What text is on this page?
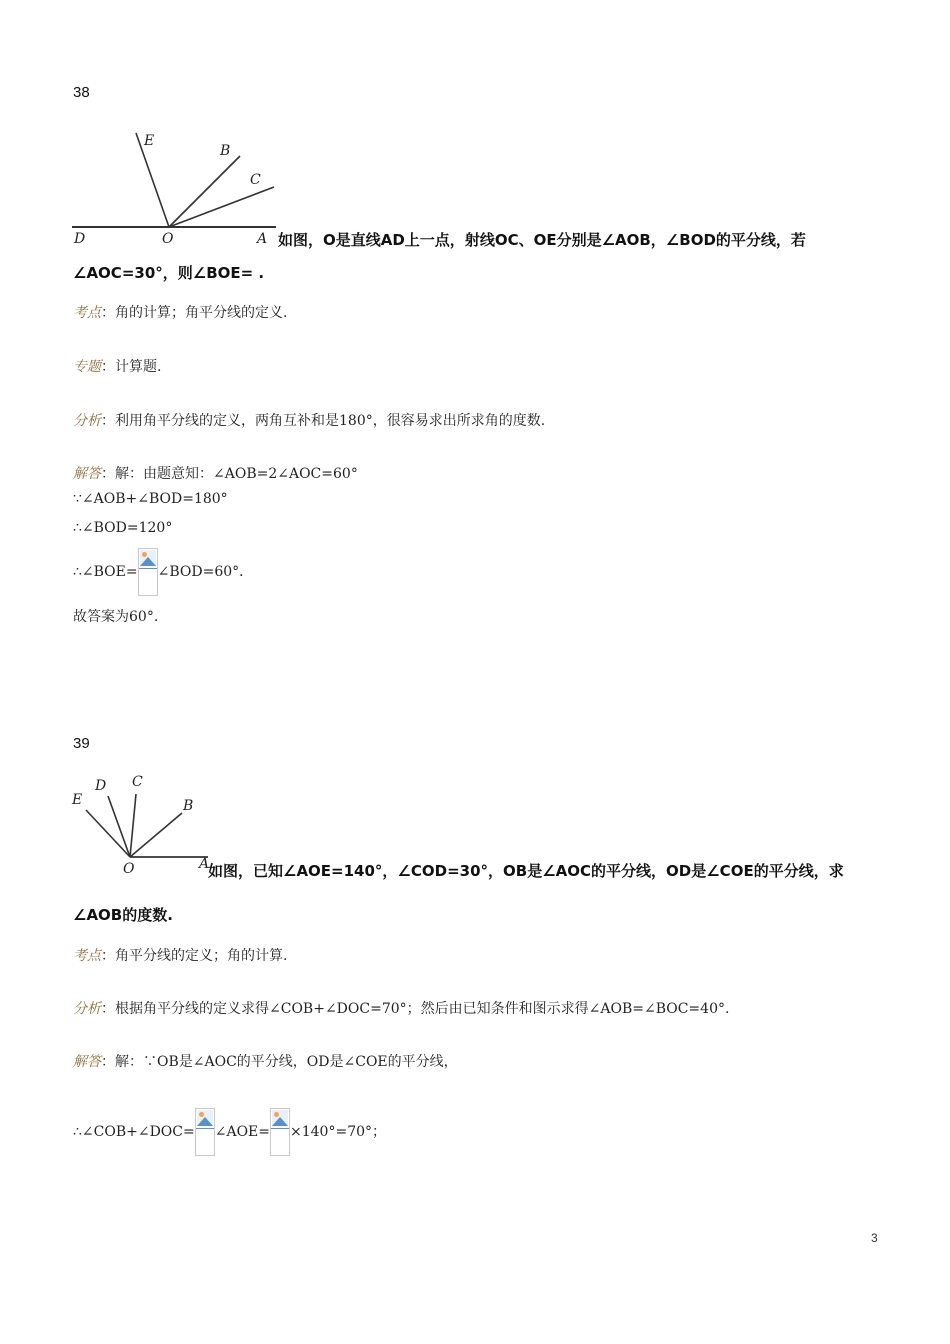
38
E
B
C
D	O	A 如图，O是直线AD上一点，射线OC、OE分别是∠AOB，∠BOD的平分线，若
∠AOC=30°，则∠BOE= .
考点：角的计算；角平分线的定义.
专题：计算题.
分析：利用角平分线的定义，两角互补和是180°，很容易求出所求角的度数.
解答：解：由题意知：∠AOB=2∠AOC=60°
∵∠AOB+∠BOD=180°
∴∠BOD=120°
∴∠BOE= ∠BOD=60°．
故答案为60°.
39
E
D C
B
O	A
如图，已知∠AOE=140°，∠COD=30°，OB是∠AOC的平分线，OD是∠COE的平分线，求
∠AOB的度数.
考点：角平分线的定义；角的计算.
分析：根据角平分线的定义求得∠COB+∠DOC=70°；然后由已知条件和图示求得∠AOB=∠BOC=40°.
解答：解：∵OB是∠AOC的平分线，OD是∠COE的平分线，
∴∠COB+∠DOC= ∠AOE= ×140°=70°；
3
